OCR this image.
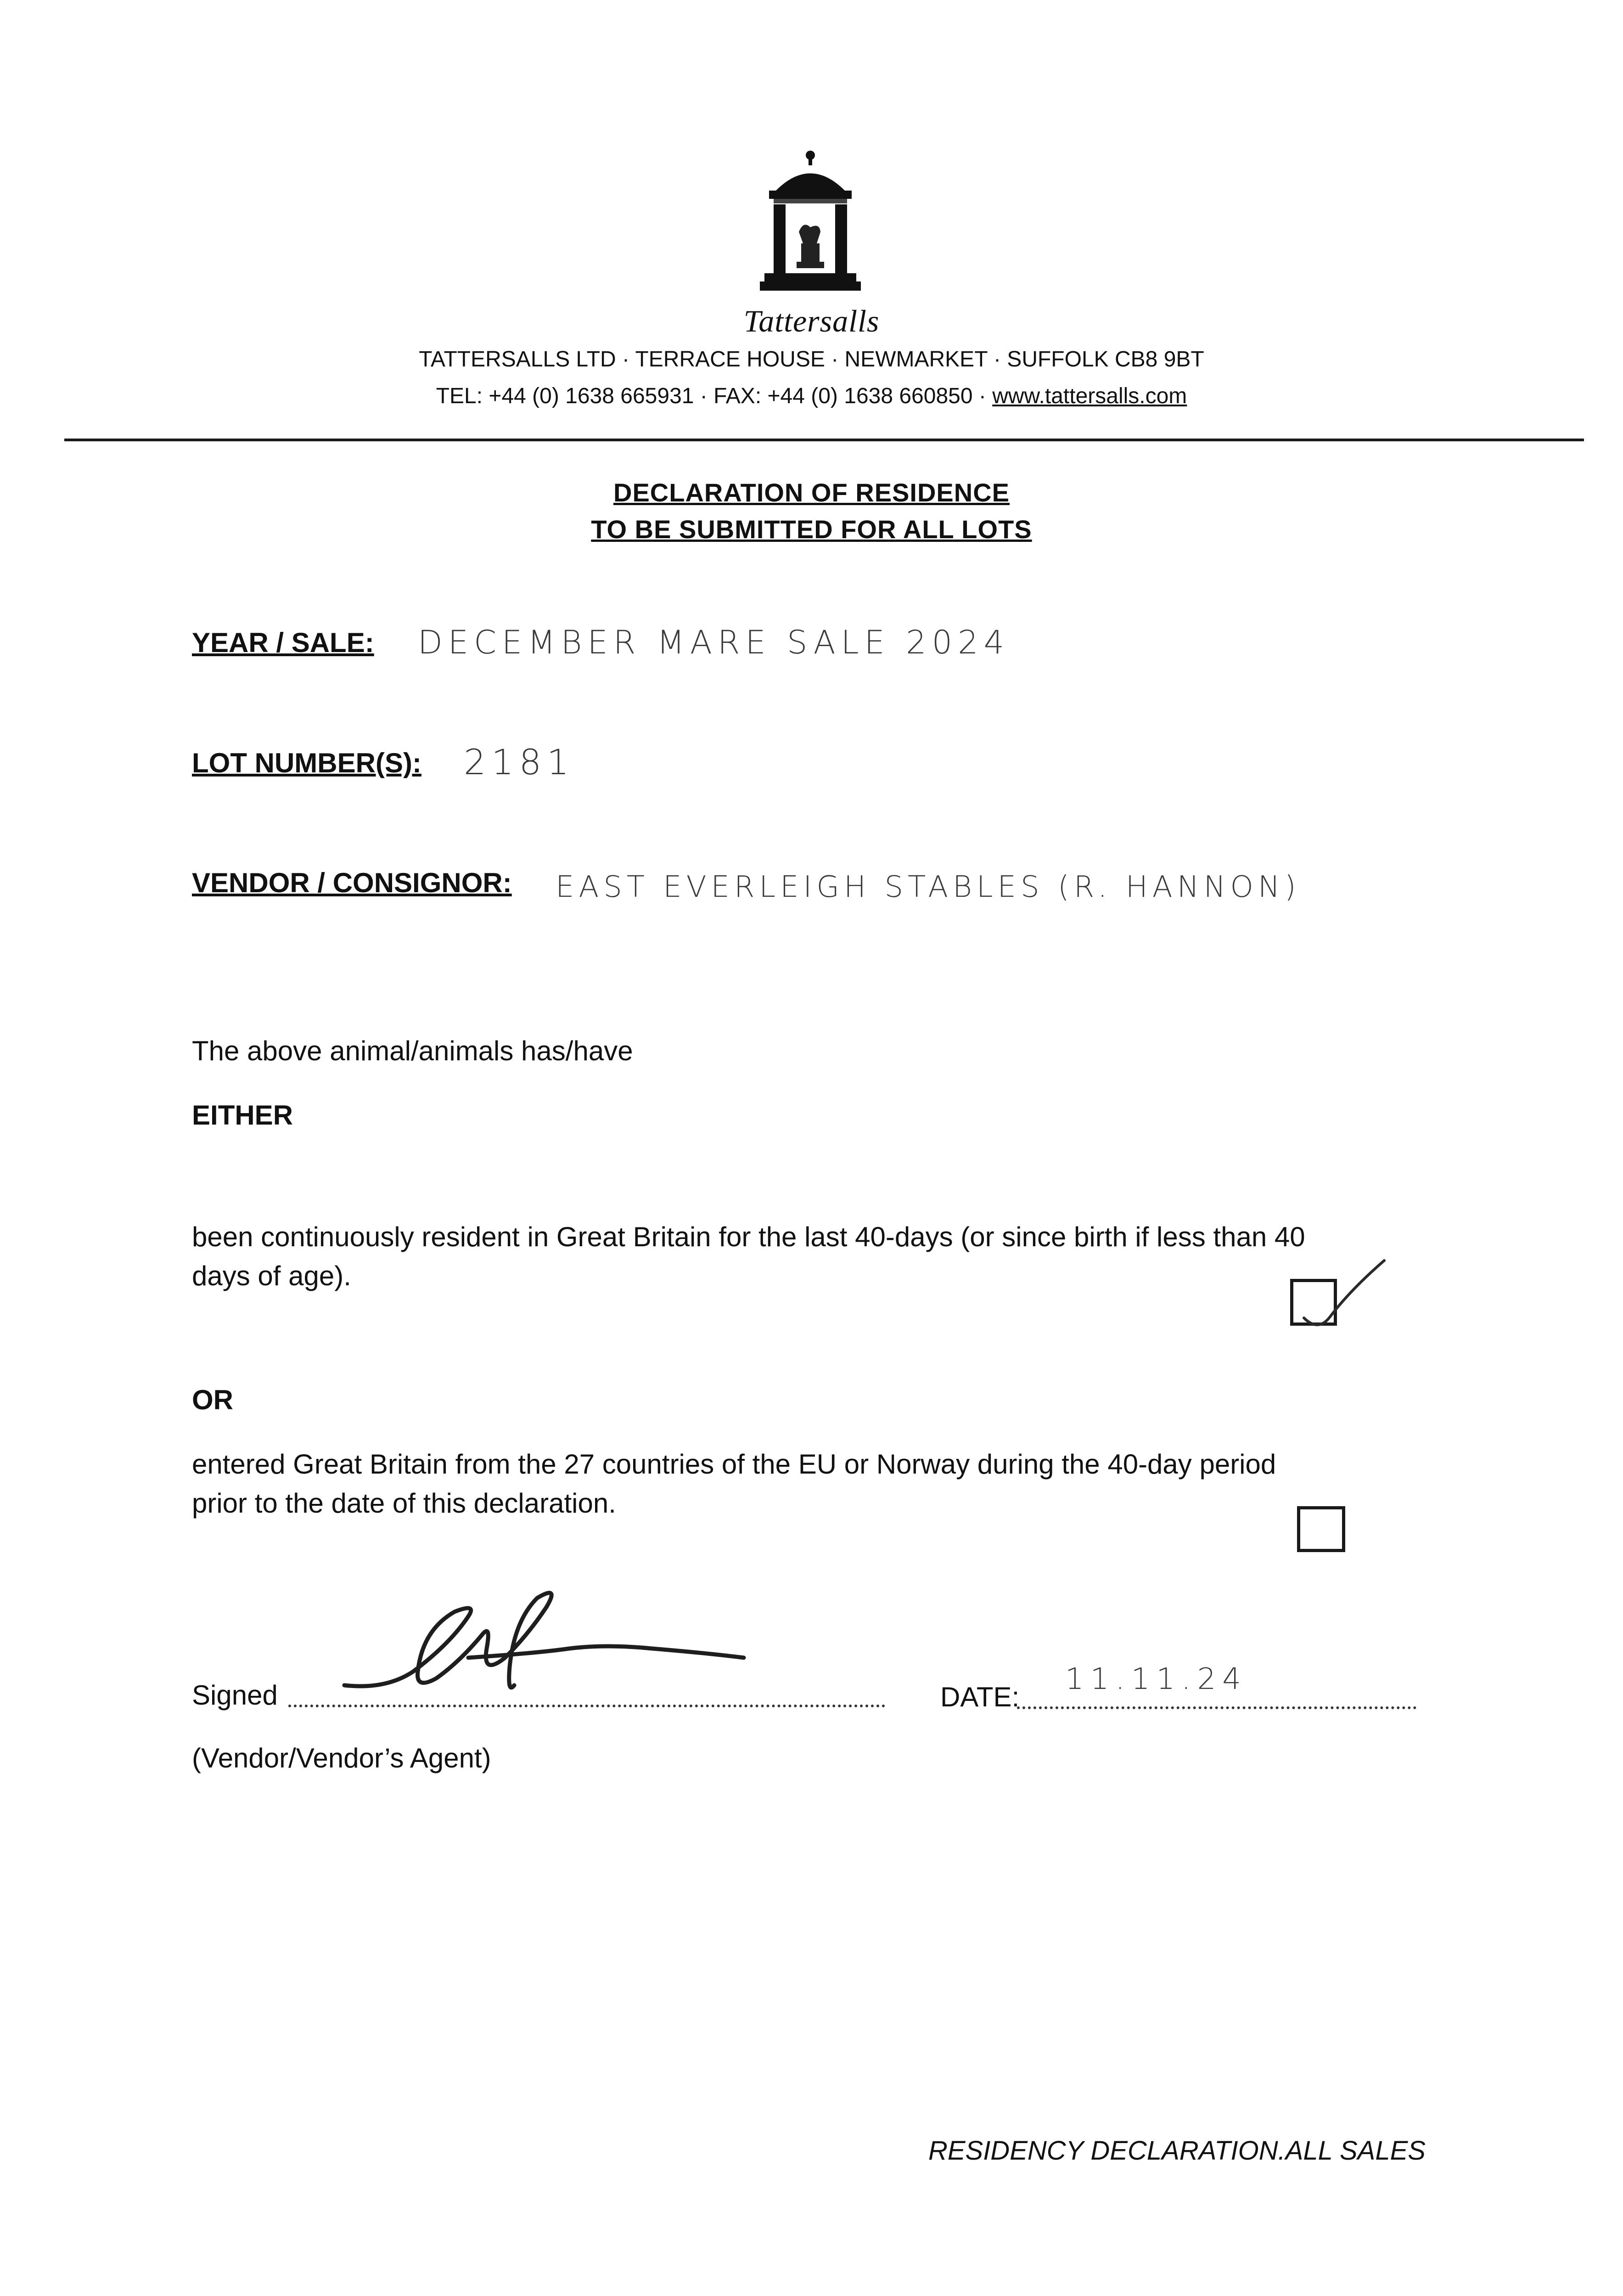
Tattersalls
TATTERSALLS LTD · TERRACE HOUSE · NEWMARKET · SUFFOLK CB8 9BT
TEL: +44 (0) 1638 665931 · FAX: +44 (0) 1638 660850 · www.tattersalls.com
DECLARATION OF RESIDENCE
TO BE SUBMITTED FOR ALL LOTS
YEAR / SALE: DECEMBER MARE SALE 2024
LOT NUMBER(S): 2181
VENDOR / CONSIGNOR: EAST EVERLEIGH STABLES (R. HANNON)
The above animal/animals has/have
EITHER
been continuously resident in Great Britain for the last 40-days (or since birth if less than 40
days of age).
OR
entered Great Britain from the 27 countries of the EU or Norway during the 40-day period
prior to the date of this declaration.
Signed	DATE:
11.11.24
(Vendor/Vendor’s Agent)
RESIDENCY DECLARATION.ALL SALES
